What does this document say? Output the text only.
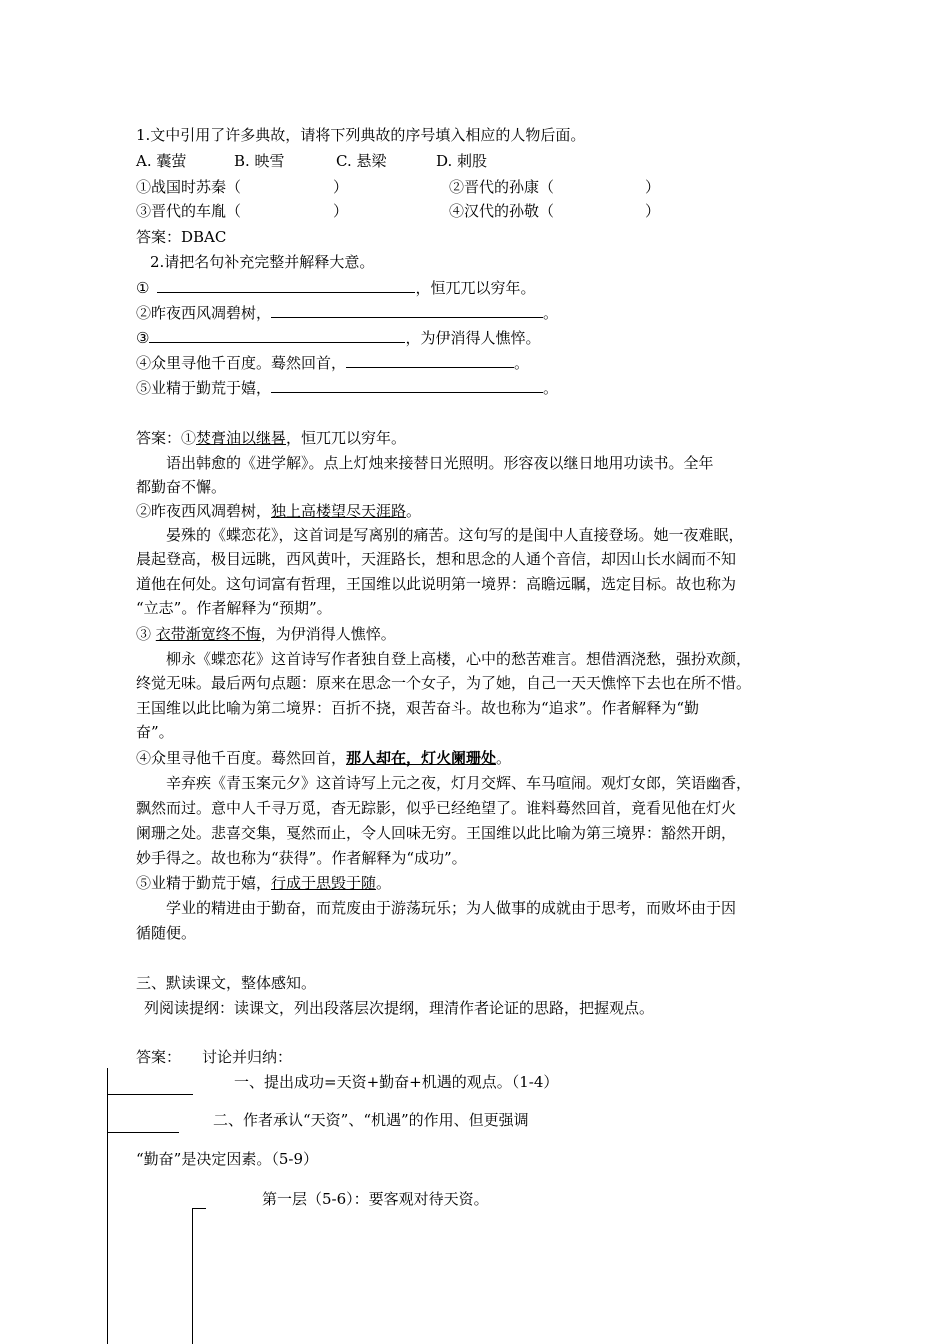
1.文中引用了许多典故，请将下列典故的序号填入相应的人物后面。
A. 囊萤	B. 映雪	C. 悬梁	D. 刺股
①战国时苏秦（	）	②晋代的孙康（	）
③晋代的车胤（	）	④汉代的孙敬（	）
答案：DBAC
2.请把名句补充完整并解释大意。
①	，恒兀兀以穷年。
②昨夜西风凋碧树，	。
③	，为伊消得人憔悴。
④众里寻他千百度。蓦然回首，	。
⑤业精于勤荒于嬉，	。
答案：①焚膏油以继晷，恒兀兀以穷年。
语出韩愈的《进学解》。点上灯烛来接替日光照明。形容夜以继日地用功读书。全年
都勤奋不懈。
②昨夜西风凋碧树，独上高楼望尽天涯路。
晏殊的《蝶恋花》，这首词是写离别的痛苦。这句写的是闺中人直接登场。她一夜难眠，
晨起登高，极目远眺，西风黄叶，天涯路长，想和思念的人通个音信，却因山长水阔而不知
道他在何处。这句词富有哲理，王国维以此说明第一境界：高瞻远瞩，选定目标。故也称为
“立志”。作者解释为“预期”。
③ 衣带渐宽终不悔，为伊消得人憔悴。
柳永《蝶恋花》这首诗写作者独自登上高楼，心中的愁苦难言。想借酒浇愁，强扮欢颜，
终觉无味。最后两句点题：原来在思念一个女子，为了她，自己一天天憔悴下去也在所不惜。
王国维以此比喻为第二境界：百折不挠，艰苦奋斗。故也称为“追求”。作者解释为“勤
奋”。
④众里寻他千百度。蓦然回首，那人却在，灯火阑珊处。
辛弃疾《青玉案元夕》这首诗写上元之夜，灯月交辉、车马喧闹。观灯女郎，笑语幽香，
飘然而过。意中人千寻万觅，杳无踪影，似乎已经绝望了。谁料蓦然回首，竟看见他在灯火
阑珊之处。悲喜交集，戛然而止，令人回味无穷。王国维以此比喻为第三境界：豁然开朗，
妙手得之。故也称为“获得”。作者解释为“成功”。
⑤业精于勤荒于嬉，行成于思毁于随。
学业的精进由于勤奋，而荒废由于游荡玩乐；为人做事的成就由于思考，而败坏由于因
循随便。
三、默读课文，整体感知。
列阅读提纲：读课文，列出段落层次提纲，理清作者论证的思路，把握观点。
答案： 讨论并归纳：
一、提出成功=天资+勤奋+机遇的观点。（1-4）
二、作者承认“天资”、“机遇”的作用、但更强调
“勤奋”是决定因素。（5-9）
第一层（5-6）：要客观对待天资。
